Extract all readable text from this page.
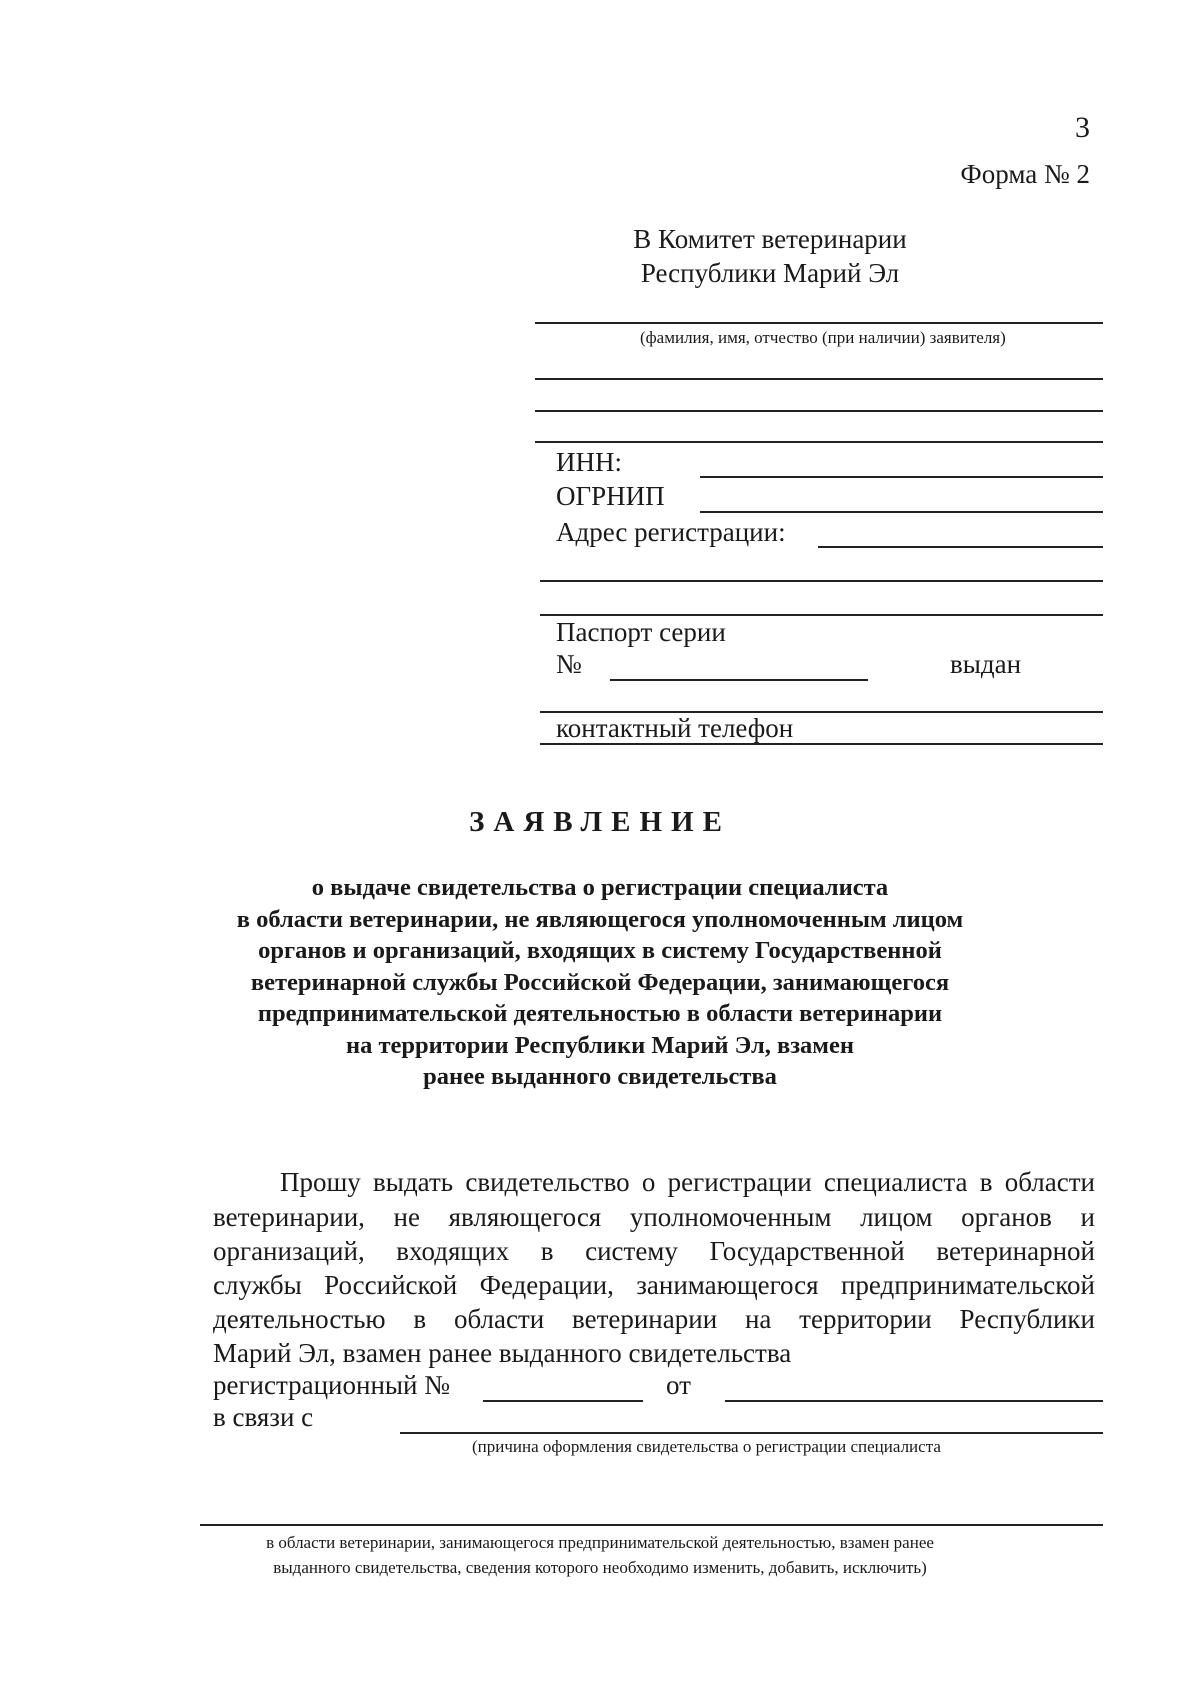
3
Форма № 2
В Комитет ветеринарии
Республики Марий Эл
(фамилия, имя, отчество (при наличии) заявителя)
ИНН:
ОГРНИП
Адрес регистрации:
Паспорт серии
№	выдан
контактный телефон
ЗАЯВЛЕНИЕ
о выдаче свидетельства о регистрации специалиста
в области ветеринарии, не являющегося уполномоченным лицом
органов и организаций, входящих в систему Государственной
ветеринарной службы Российской Федерации, занимающегося
предпринимательской деятельностью в области ветеринарии
на территории Республики Марий Эл, взамен
ранее выданного свидетельства
Прошу выдать свидетельство о регистрации специалиста в области
ветеринарии, не являющегося уполномоченным лицом органов и
организаций, входящих в систему Государственной ветеринарной
службы Российской Федерации, занимающегося предпринимательской
деятельностью в области ветеринарии на территории Республики
Марий Эл, взамен ранее выданного свидетельства
регистрационный №	от
в связи с
(причина оформления свидетельства о регистрации специалиста
в области ветеринарии, занимающегося предпринимательской деятельностью, взамен ранее
выданного свидетельства, сведения которого необходимо изменить, добавить, исключить)
